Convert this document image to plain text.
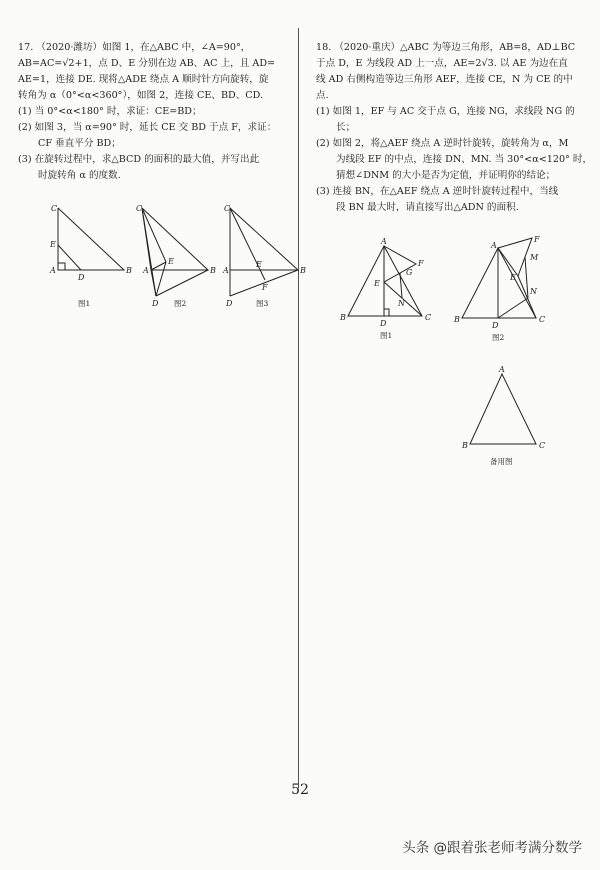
17. （2020·潍坊）如图 1，在△ABC 中，∠A=90°，
AB=AC=√2+1，点 D、E 分别在边 AB、AC 上，且 AD=
AE=1，连接 DE. 现将△ADE 绕点 A 顺时针方向旋转，旋
转角为 α（0°<α<360°），如图 2，连接 CE、BD、CD.
(1) 当 0°<α<180° 时，求证：CE=BD；
(2) 如图 3，当 α=90° 时，延长 CE 交 BD 于点 F，求证：
CF 垂直平分 BD；
(3) 在旋转过程中，求△BCD 的面积的最大值，并写出此
时旋转角 α 的度数.
18. （2020·重庆）△ABC 为等边三角形，AB=8，AD⊥BC
于点 D，E 为线段 AD 上一点，AE=2√3. 以 AE 为边在直
线 AD 右侧构造等边三角形 AEF，连接 CE，N 为 CE 的中
点.
(1) 如图 1，EF 与 AC 交于点 G，连接 NG，求线段 NG 的
长；
(2) 如图 2，将△AEF 绕点 A 逆时针旋转，旋转角为 α，M
为线段 EF 的中点，连接 DN、MN. 当 30°<α<120° 时，
猜想∠DNM 的大小是否为定值，并证明你的结论；
(3) 连接 BN，在△AEF 绕点 A 逆时针旋转过程中，当线
段 BN 最大时，请直接写出△ADN 的面积.
C
E
A
D
B
图1
C
E
A	B
D 图2
C
A
E
F
B
D	图3
A
E
G
F
N
B
D
C
图1
A
F
M
E
N
B
D
C
图2
A
B	C
备用图
52
头条 @跟着张老师考满分数学
